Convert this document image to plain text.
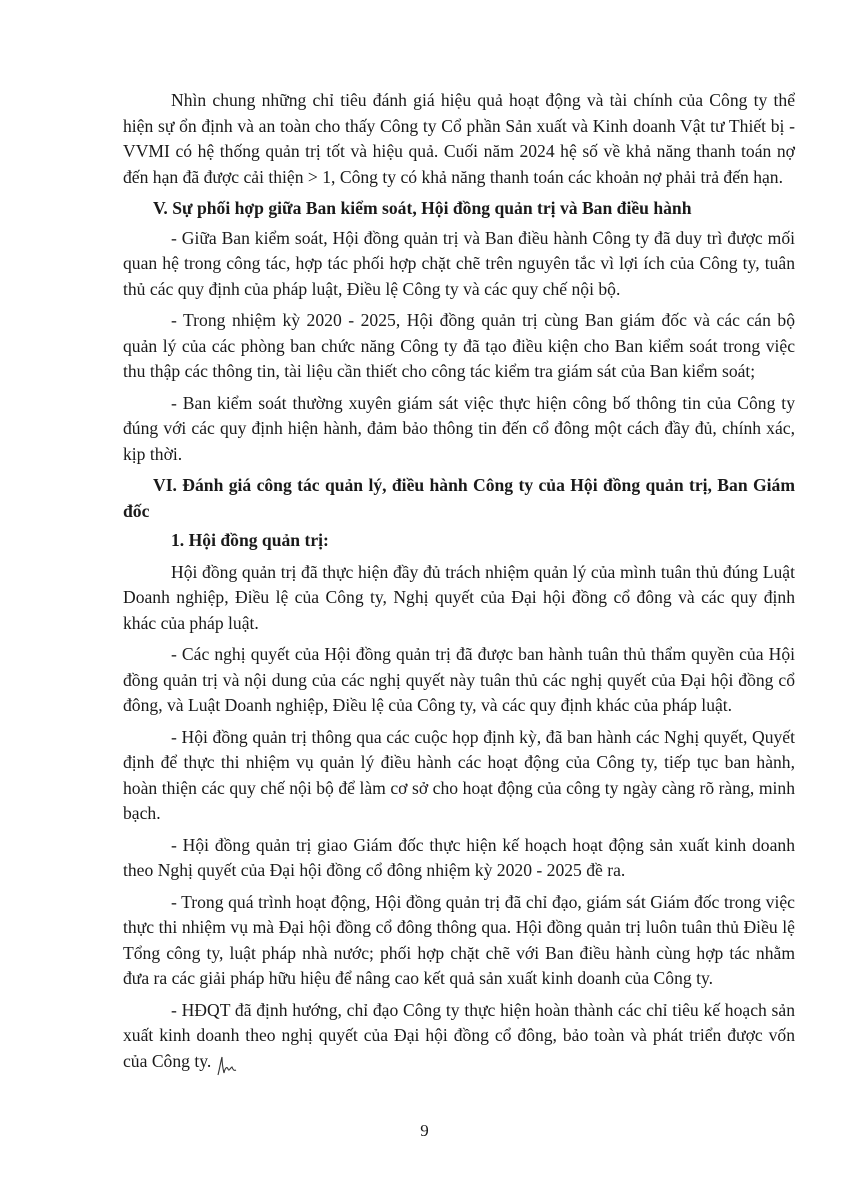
Nhìn chung những chỉ tiêu đánh giá hiệu quả hoạt động và tài chính của Công ty thể hiện sự ổn định và an toàn cho thấy Công ty Cổ phần Sản xuất và Kinh doanh Vật tư Thiết bị - VVMI có hệ thống quản trị tốt và hiệu quả. Cuối năm 2024 hệ số về khả năng thanh toán nợ đến hạn đã được cải thiện > 1, Công ty có khả năng thanh toán các khoản nợ phải trả đến hạn.

V. Sự phối hợp giữa Ban kiểm soát, Hội đồng quản trị và Ban điều hành

- Giữa Ban kiểm soát, Hội đồng quản trị và Ban điều hành Công ty đã duy trì được mối quan hệ trong công tác, hợp tác phối hợp chặt chẽ trên nguyên tắc vì lợi ích của Công ty, tuân thủ các quy định của pháp luật, Điều lệ Công ty và các quy chế nội bộ.

- Trong nhiệm kỳ 2020 - 2025, Hội đồng quản trị cùng Ban giám đốc và các cán bộ quản lý của các phòng ban chức năng Công ty đã tạo điều kiện cho Ban kiểm soát trong việc thu thập các thông tin, tài liệu cần thiết cho công tác kiểm tra giám sát của Ban kiểm soát;

- Ban kiểm soát thường xuyên giám sát việc thực hiện công bố thông tin của Công ty đúng với các quy định hiện hành, đảm bảo thông tin đến cổ đông một cách đầy đủ, chính xác, kịp thời.

VI. Đánh giá công tác quản lý, điều hành Công ty của Hội đồng quản trị, Ban Giám đốc

1. Hội đồng quản trị:

Hội đồng quản trị đã thực hiện đầy đủ trách nhiệm quản lý của mình tuân thủ đúng Luật Doanh nghiệp, Điều lệ của Công ty, Nghị quyết của Đại hội đồng cổ đông và các quy định khác của pháp luật.

- Các nghị quyết của Hội đồng quản trị đã được ban hành tuân thủ thẩm quyền của Hội đồng quản trị và nội dung của các nghị quyết này tuân thủ các nghị quyết của Đại hội đồng cổ đông, và Luật Doanh nghiệp, Điều lệ của Công ty, và các quy định khác của pháp luật.

- Hội đồng quản trị thông qua các cuộc họp định kỳ, đã ban hành các Nghị quyết, Quyết định để thực thi nhiệm vụ quản lý điều hành các hoạt động của Công ty, tiếp tục ban hành, hoàn thiện các quy chế nội bộ để làm cơ sở cho hoạt động của công ty ngày càng rõ ràng, minh bạch.

- Hội đồng quản trị giao Giám đốc thực hiện kế hoạch hoạt động sản xuất kinh doanh theo Nghị quyết của Đại hội đồng cổ đông nhiệm kỳ 2020 - 2025 đề ra.

- Trong quá trình hoạt động, Hội đồng quản trị đã chỉ đạo, giám sát Giám đốc trong việc thực thi nhiệm vụ mà Đại hội đồng cổ đông thông qua. Hội đồng quản trị luôn tuân thủ Điều lệ Tổng công ty, luật pháp nhà nước; phối hợp chặt chẽ với Ban điều hành cùng hợp tác nhằm đưa ra các giải pháp hữu hiệu để nâng cao kết quả sản xuất kinh doanh của Công ty.

- HĐQT đã định hướng, chỉ đạo Công ty thực hiện hoàn thành các chỉ tiêu kế hoạch sản xuất kinh doanh theo nghị quyết của Đại hội đồng cổ đông, bảo toàn và phát triển được vốn của Công ty.

9
